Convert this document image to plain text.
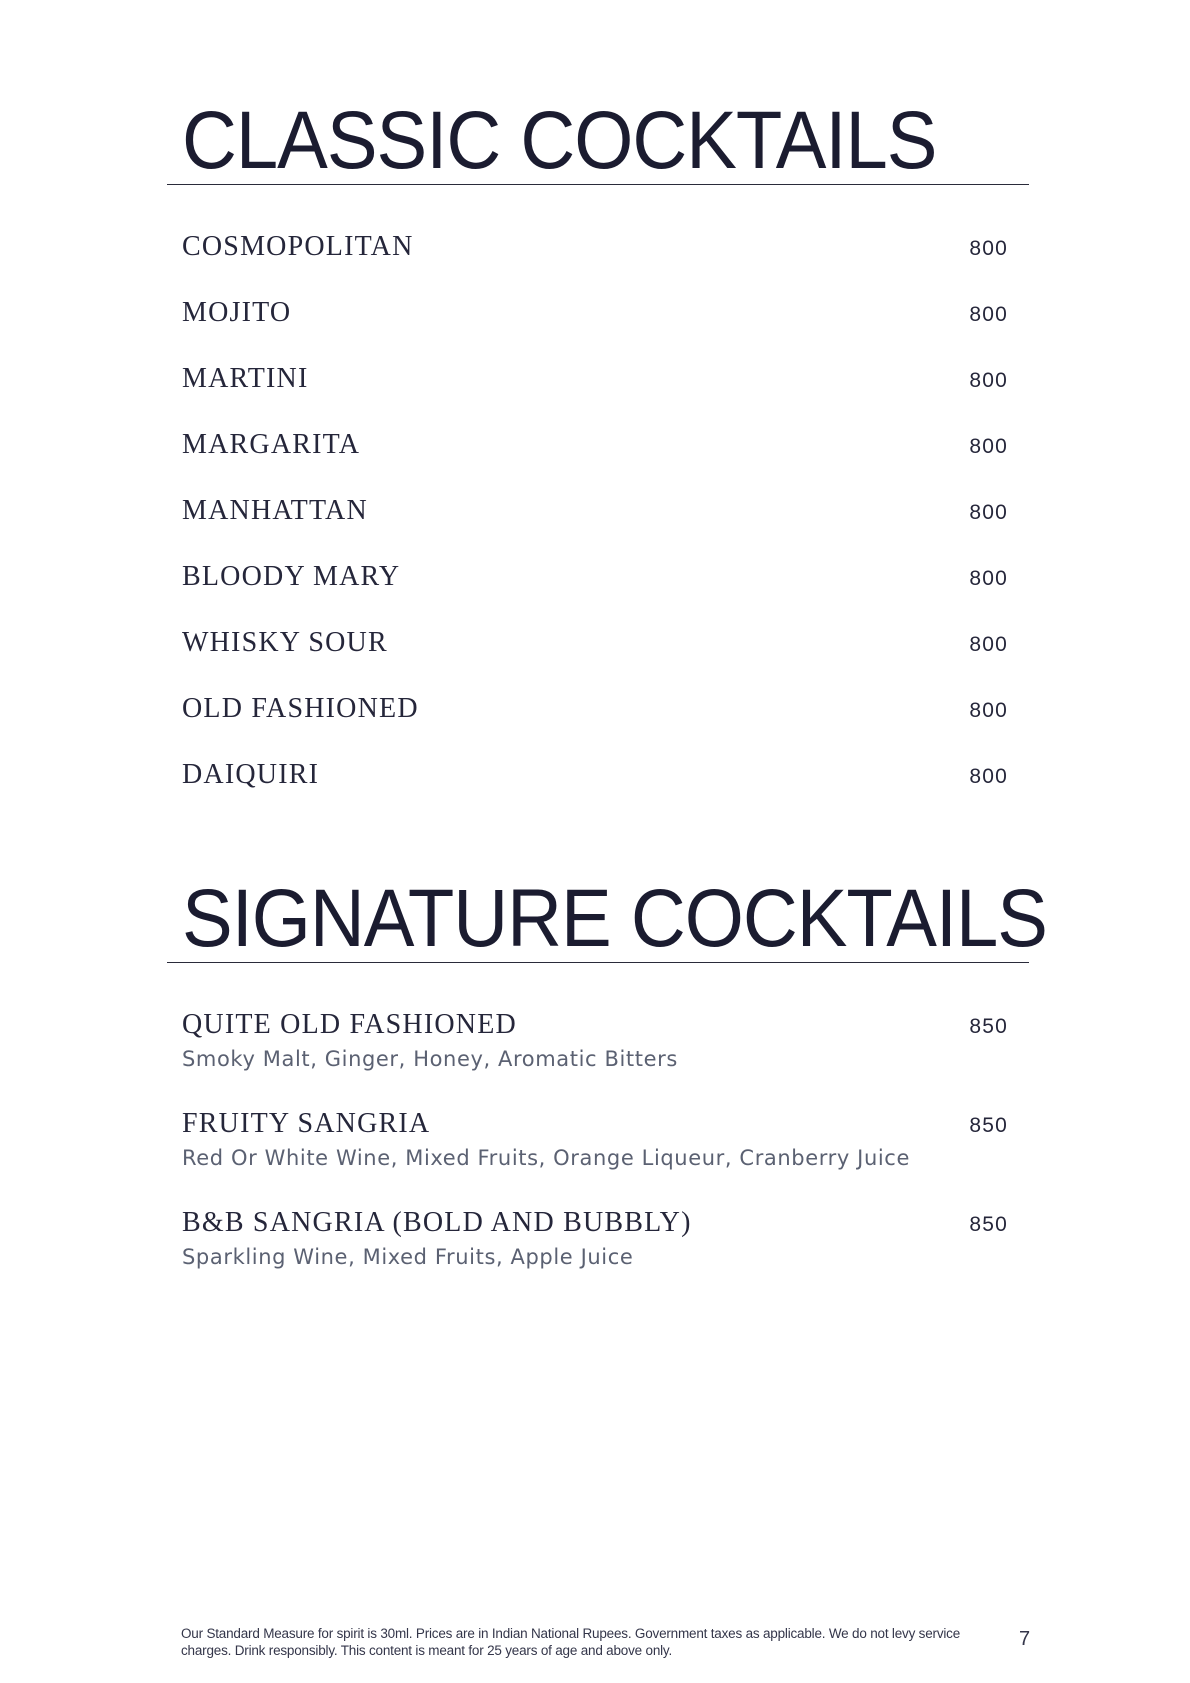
CLASSIC COCKTAILS
COSMOPOLITAN	800
MOJITO	800
MARTINI	800
MARGARITA	800
MANHATTAN	800
BLOODY MARY	800
WHISKY SOUR	800
OLD FASHIONED	800
DAIQUIRI	800
SIGNATURE COCKTAILS
QUITE OLD FASHIONED	850
Smoky Malt, Ginger, Honey, Aromatic Bitters
FRUITY SANGRIA	850
Red Or White Wine, Mixed Fruits, Orange Liqueur, Cranberry Juice
B&B SANGRIA (BOLD AND BUBBLY)	850
Sparkling Wine, Mixed Fruits, Apple Juice

Our Standard Measure for spirit is 30ml. Prices are in Indian National Rupees. Government taxes as applicable. We do not levy service charges. Drink responsibly. This content is meant for 25 years of age and above only.

7
